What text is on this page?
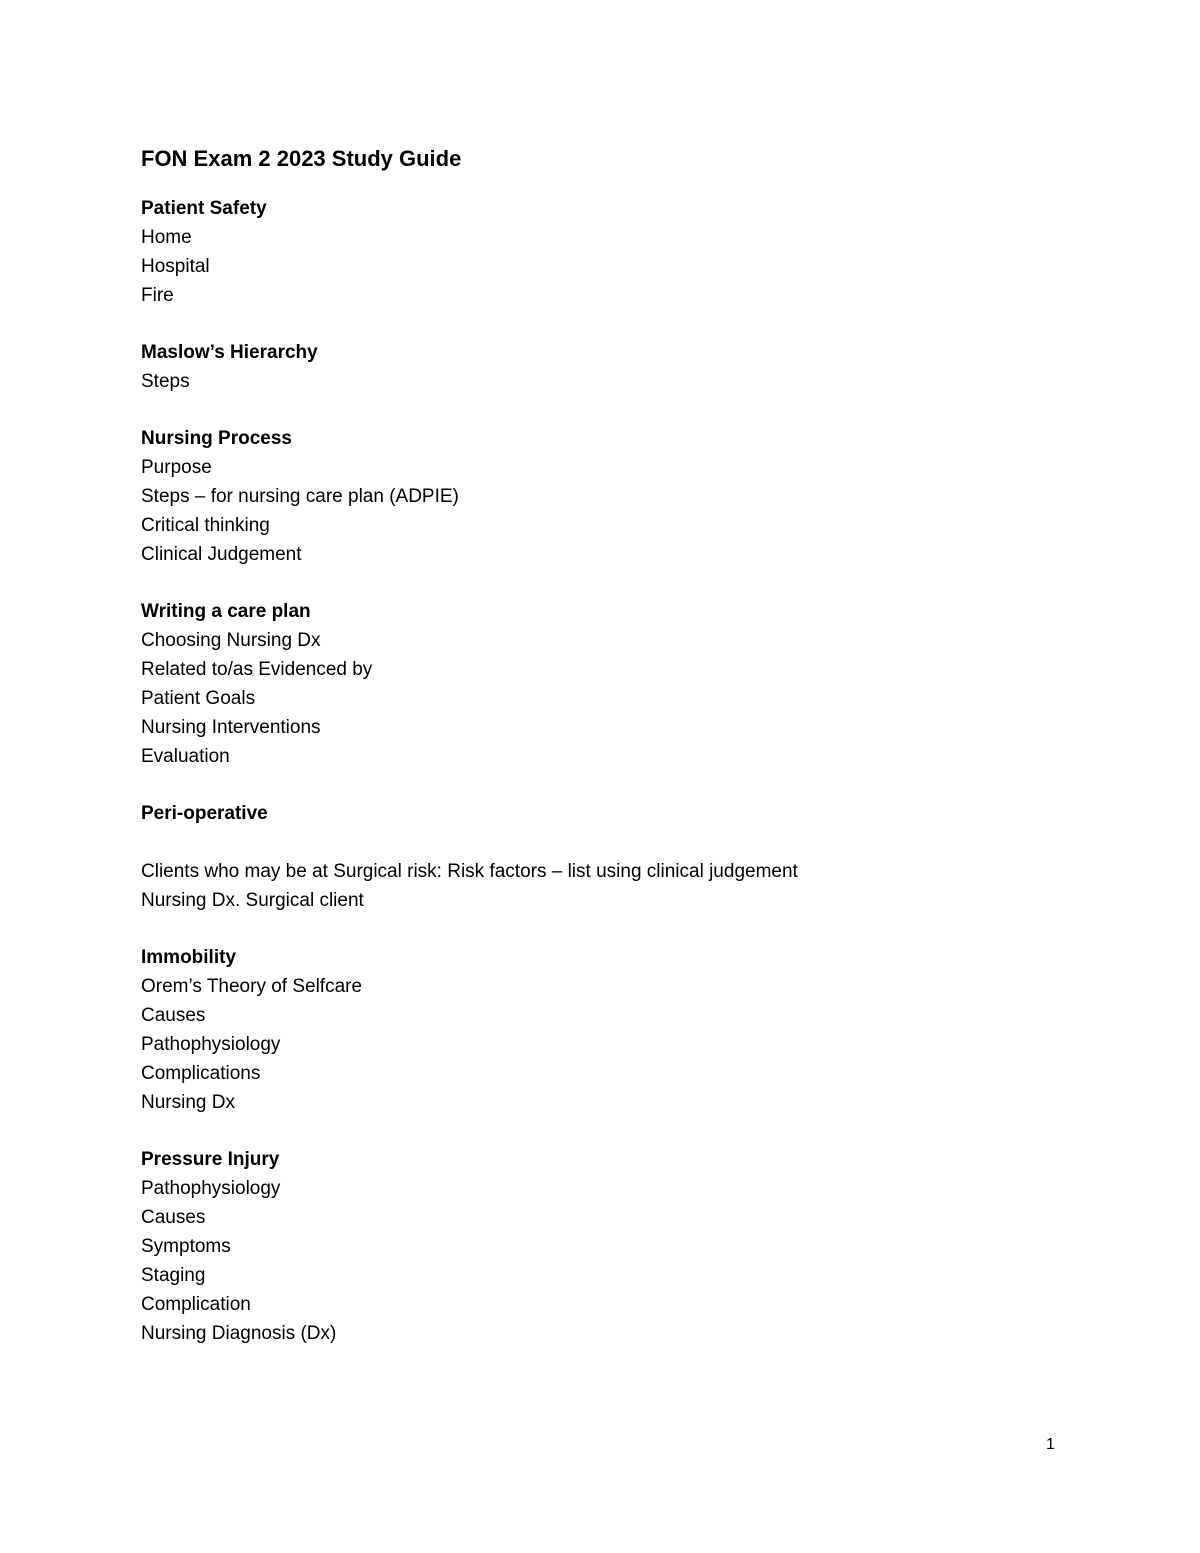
FON Exam 2 2023 Study Guide
Patient Safety
Home
Hospital
Fire
Maslow’s Hierarchy
Steps
Nursing Process
Purpose
Steps – for nursing care plan (ADPIE)
Critical thinking
Clinical Judgement
Writing a care plan
Choosing Nursing Dx
Related to/as Evidenced by
Patient Goals
Nursing Interventions
Evaluation
Peri-operative
Clients who may be at Surgical risk: Risk factors – list using clinical judgement
Nursing Dx. Surgical client
Immobility
Orem’s Theory of Selfcare
Causes
Pathophysiology
Complications
Nursing Dx
Pressure Injury
Pathophysiology
Causes
Symptoms
Staging
Complication
Nursing Diagnosis (Dx)
1
